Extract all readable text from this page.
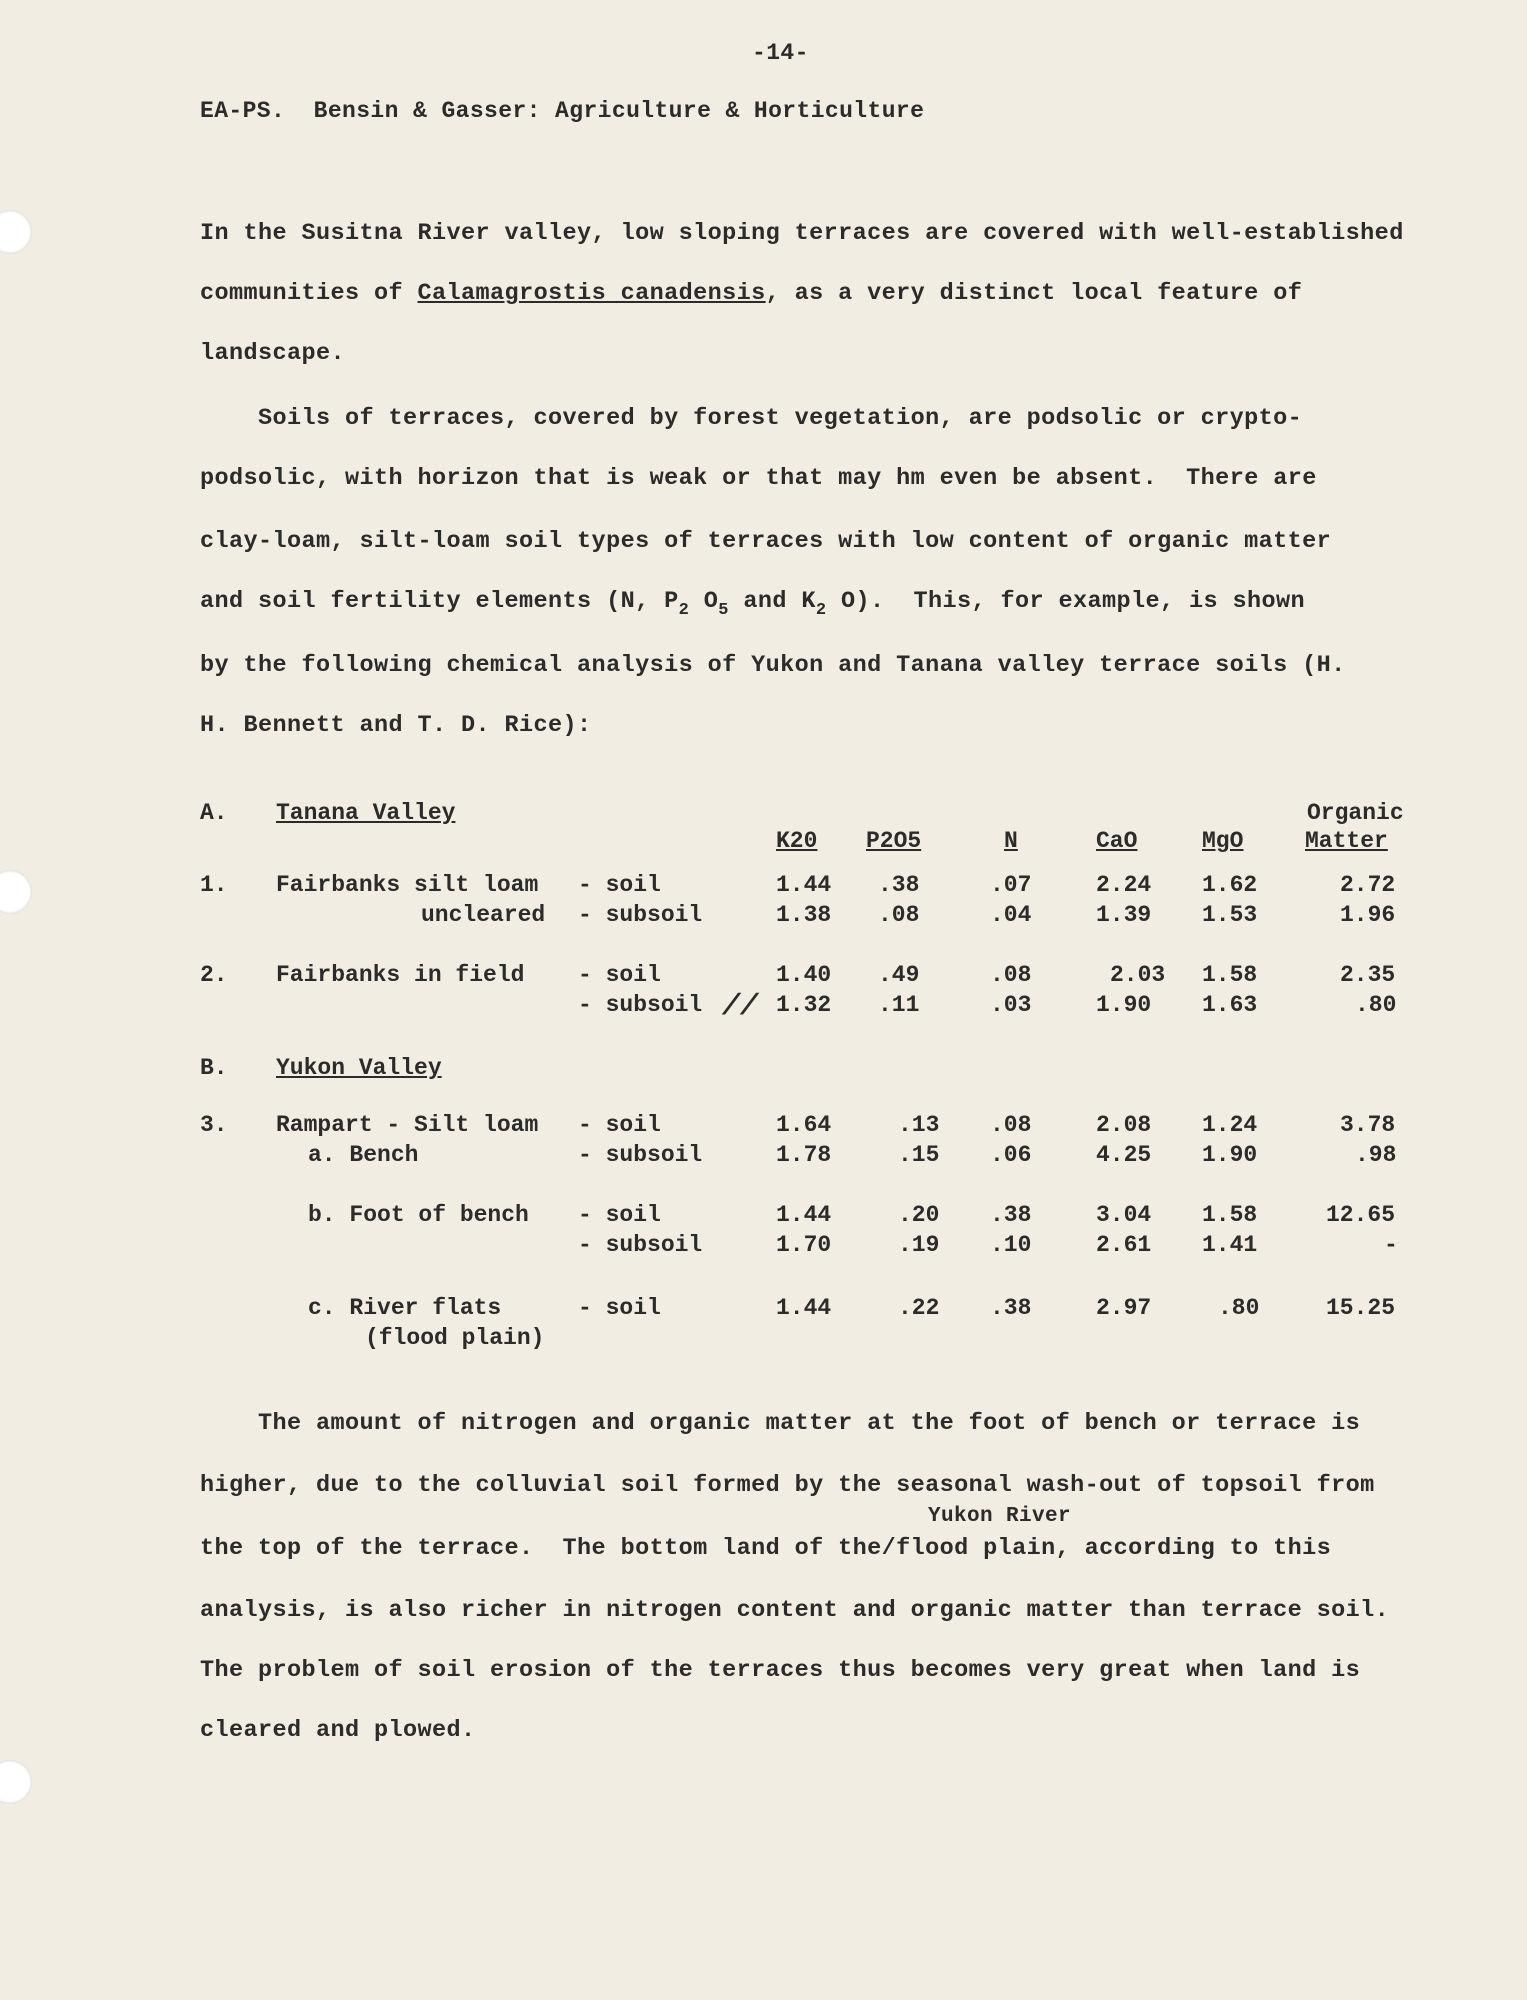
-14-
EA-PS.  Bensin & Gasser: Agriculture & Horticulture
In the Susitna River valley, low sloping terraces are covered with well-established
communities of Calamagrostis canadensis, as a very distinct local feature of
landscape.
Soils of terraces, covered by forest vegetation, are podsolic or crypto-
podsolic, with horizon that is weak or that may hm even be absent.  There are
clay-loam, silt-loam soil types of terraces with low content of organic matter
and soil fertility elements (N, $P_2$ $O_5$ and $K_2$ O).  This, for example, is shown
by the following chemical analysis of Yukon and Tanana valley terrace soils (H.
H. Bennett and T. D. Rice):
A. Tanana Valley	Organic
K20 P2O5	N	CaO	MgO	Matter
1. Fairbanks silt loam - soil	1.44 .38	.07	2.24 1.62	2.72
uncleared - subsoil	1.38 .08	.04	1.39 1.53	1.96
2. Fairbanks in field - soil	1.40 .49	.08	2.03 1.58	2.35
- subsoil	1.32 .11	.03	1.90 1.63	.80
//
B. Yukon Valley
3. Rampart - Silt loam - soil	1.64	.13 .08	2.08 1.24	3.78
a. Bench	- subsoil	1.78	.15 .06	4.25 1.90	.98
b. Foot of bench - soil	1.44	.20 .38	3.04 1.58	12.65
- subsoil	1.70	.19 .10	2.61 1.41	-
c. River flats	- soil	1.44	.22 .38	2.97	.80	15.25
(flood plain)
The amount of nitrogen and organic matter at the foot of bench or terrace is
higher, due to the colluvial soil formed by the seasonal wash-out of topsoil from
Yukon River
the top of the terrace.  The bottom land of the/flood plain, according to this
analysis, is also richer in nitrogen content and organic matter than terrace soil.
The problem of soil erosion of the terraces thus becomes very great when land is
cleared and plowed.
